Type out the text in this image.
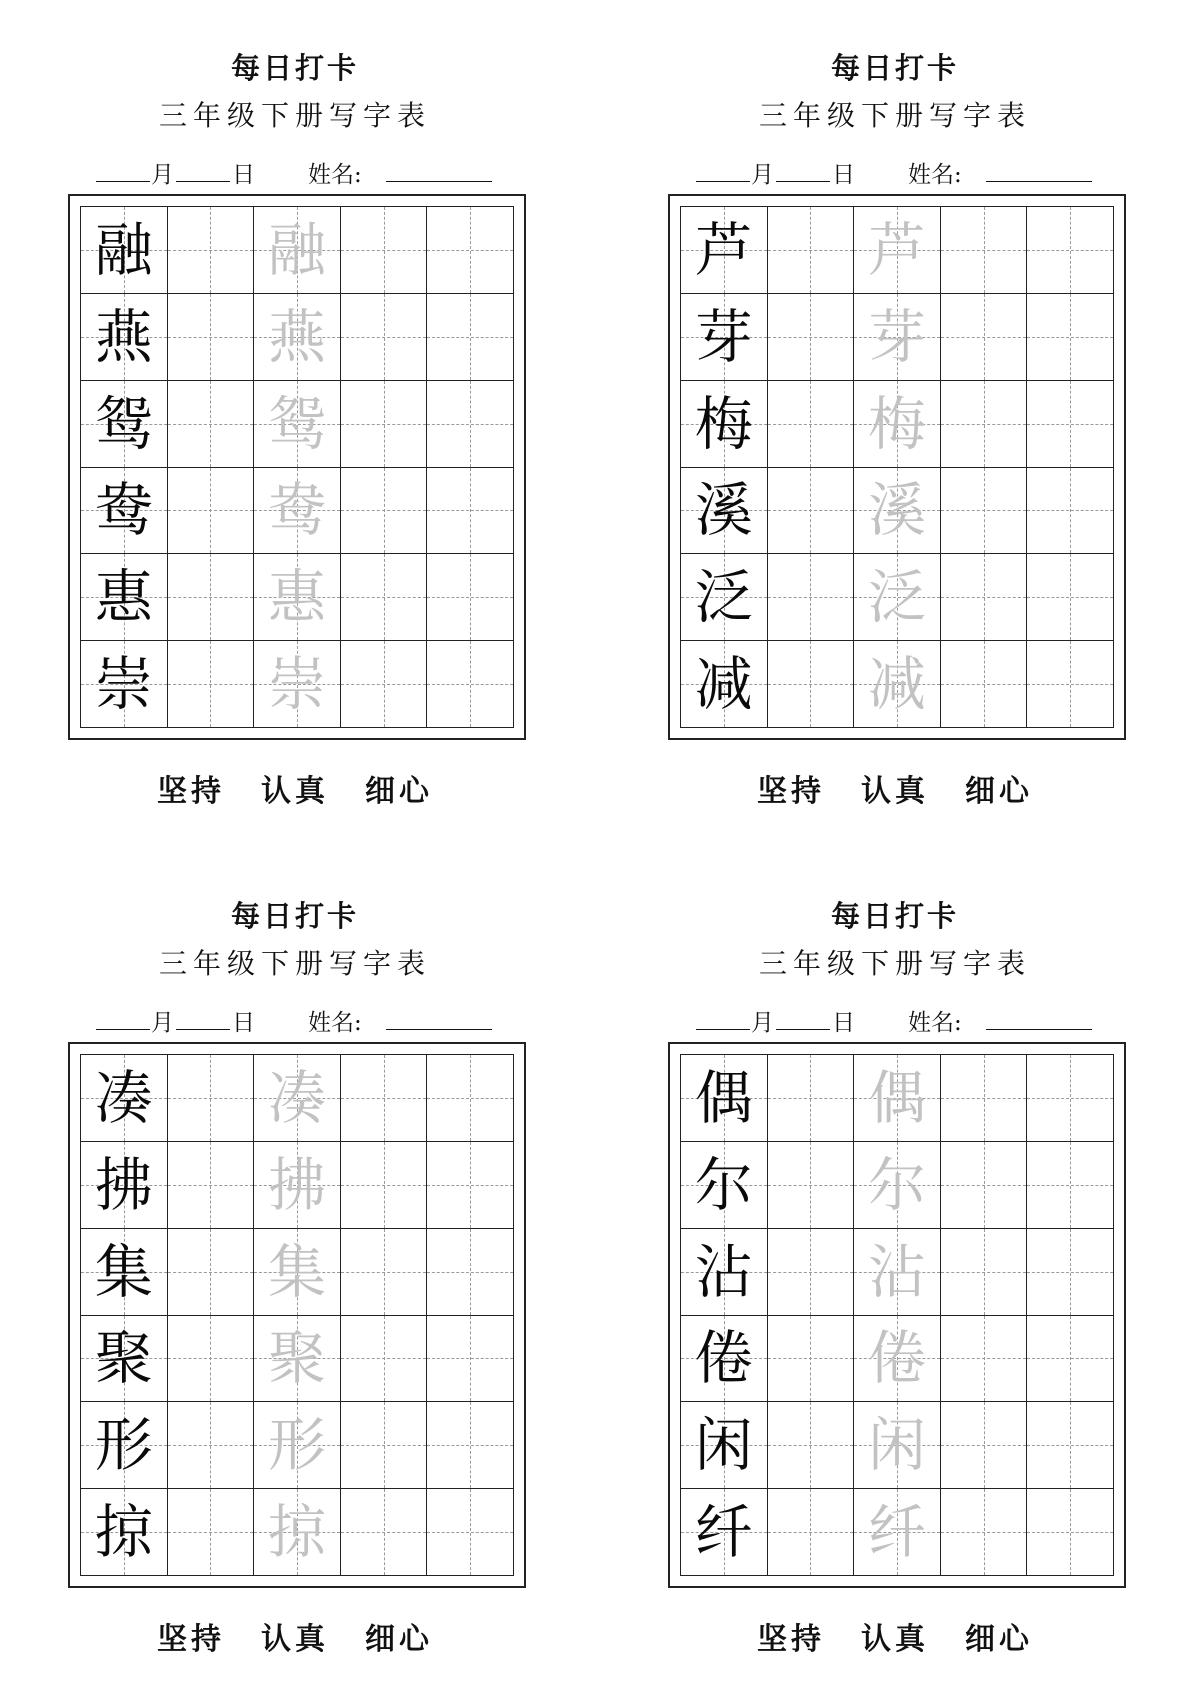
每日打卡
三年级下册写字表
月	日 姓名:
融 融
燕 燕
鸳 鸳
鸯 鸯
惠 惠
崇 崇
坚持 认真 细心
每日打卡
三年级下册写字表
月	日 姓名:
芦 芦
芽 芽
梅 梅
溪 溪
泛 泛
减 减
坚持 认真 细心
每日打卡
三年级下册写字表
月	日 姓名:
凑 凑
拂 拂
集 集
聚 聚
形 形
掠 掠
坚持 认真 细心
每日打卡
三年级下册写字表
月	日 姓名:
偶 偶
尔 尔
沾 沾
倦 倦
闲 闲
纤 纤
坚持 认真 细心
